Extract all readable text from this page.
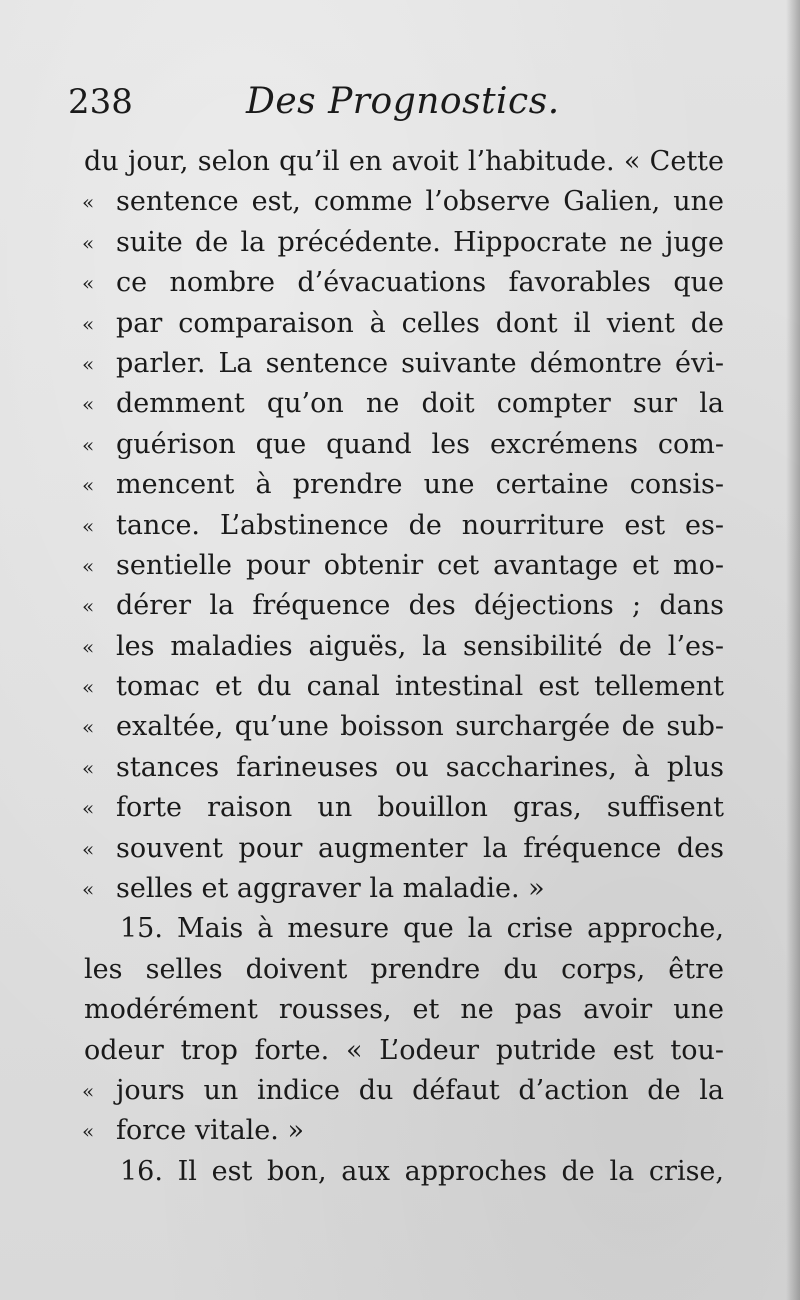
238	Des Prognostics.
du jour, selon qu’il en avoit l’habitude. « Cette
« sentence est, comme l’observe Galien, une
« suite de la précédente. Hippocrate ne juge
« ce nombre d’évacuations favorables que
« par comparaison à celles dont il vient de
« parler. La sentence suivante démontre évi-
« demment qu’on ne doit compter sur la
« guérison que quand les excrémens com-
« mencent à prendre une certaine consis-
« tance. L’abstinence de nourriture est es-
« sentielle pour obtenir cet avantage et mo-
« dérer la fréquence des déjections ; dans
« les maladies aiguës, la sensibilité de l’es-
« tomac et du canal intestinal est tellement
« exaltée, qu’une boisson surchargée de sub-
« stances farineuses ou saccharines, à plus
« forte raison un bouillon gras, suffisent
« souvent pour augmenter la fréquence des
« selles et aggraver la maladie. »
15. Mais à mesure que la crise approche,
les selles doivent prendre du corps, être
modérément rousses, et ne pas avoir une
odeur trop forte. « L’odeur putride est tou-
« jours un indice du défaut d’action de la
« force vitale. »
16. Il est bon, aux approches de la crise,
